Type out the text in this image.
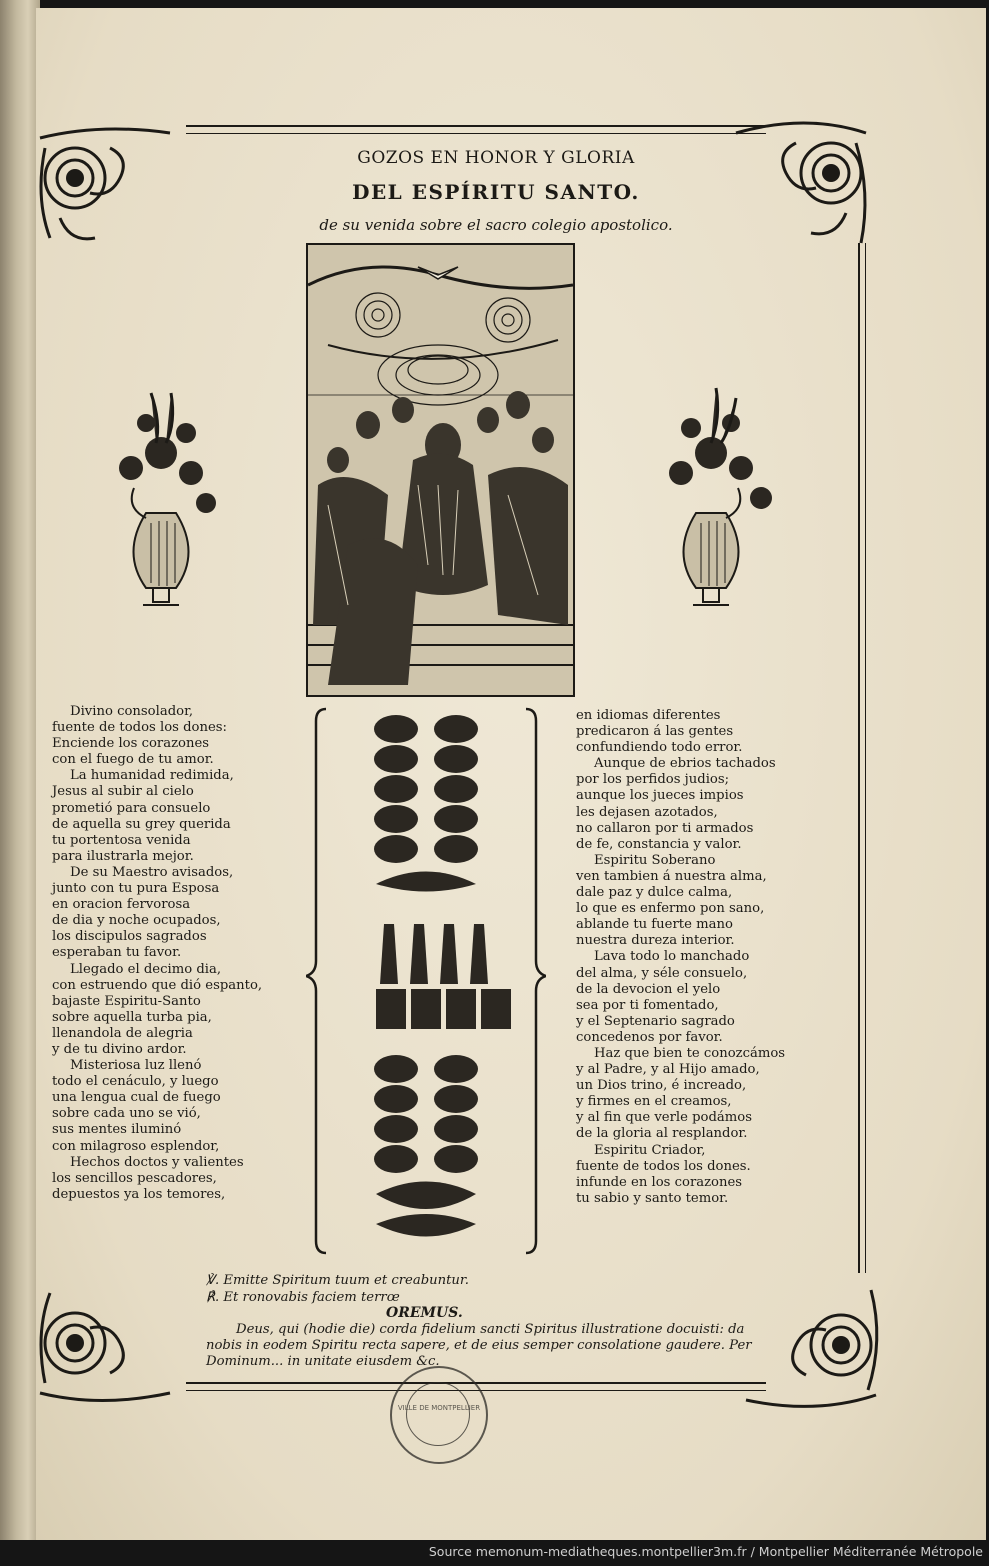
GOZOS EN HONOR Y GLORIA
DEL ESPÍRITU SANTO.
de su venida sobre el sacro colegio apostolico.
Divino consolador,
fuente de todos los dones:
Enciende los corazones
con el fuego de tu amor.
La humanidad redimida,
Jesus al subir al cielo
prometió para consuelo
de aquella su grey querida
tu portentosa venida
para ilustrarla mejor.
De su Maestro avisados,
junto con tu pura Esposa
en oracion fervorosa
de dia y noche ocupados,
los discipulos sagrados
esperaban tu favor.
Llegado el decimo dia,
con estruendo que dió espanto,
bajaste Espiritu-Santo
sobre aquella turba pia,
llenandola de alegria
y de tu divino ardor.
Misteriosa luz llenó
todo el cenáculo, y luego
una lengua cual de fuego
sobre cada uno se vió,
sus mentes iluminó
con milagroso esplendor,
Hechos doctos y valientes
los sencillos pescadores,
depuestos ya los temores,
en idiomas diferentes
predicaron á las gentes
confundiendo todo error.
Aunque de ebrios tachados
por los perfidos judios;
aunque los jueces impios
les dejasen azotados,
no callaron por ti armados
de fe, constancia y valor.
Espiritu Soberano
ven tambien á nuestra alma,
dale paz y dulce calma,
lo que es enfermo pon sano,
ablande tu fuerte mano
nuestra dureza interior.
Lava todo lo manchado
del alma, y séle consuelo,
de la devocion el yelo
sea por ti fomentado,
y el Septenario sagrado
concedenos por favor.
Haz que bien te conozcámos
y al Padre, y al Hijo amado,
un Dios trino, é increado,
y firmes en el creamos,
y al fin que verle podámos
de la gloria al resplandor.
Espiritu Criador,
fuente de todos los dones.
infunde en los corazones
tu sabio y santo temor.
℣. Emitte Spiritum tuum et creabuntur.
℟. Et ronovabis faciem terrœ
OREMUS.
Deus, qui (hodie die) corda fidelium sancti Spiritus illustratione docuisti: da nobis in eodem Spiritu recta sapere, et de eius semper consolatione gaudere. Per Dominum... in unitate eiusdem &c.
VILLE DE MONTPELLIER
Source memonum-mediatheques.montpellier3m.fr / Montpellier Méditerranée Métropole
